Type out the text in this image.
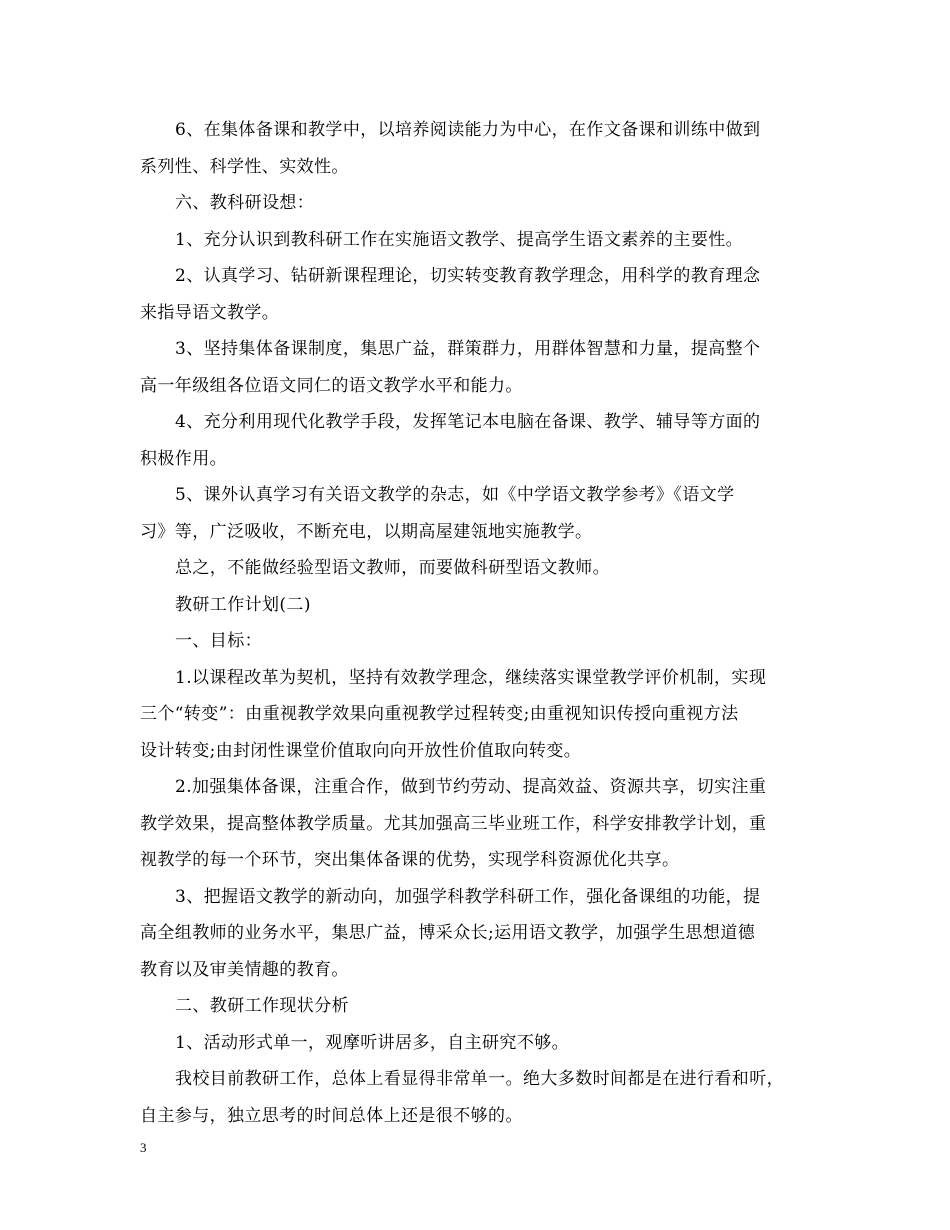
6、在集体备课和教学中，以培养阅读能力为中心，在作文备课和训练中做到
系列性、科学性、实效性。
六、教科研设想：
1、充分认识到教科研工作在实施语文教学、提高学生语文素养的主要性。
2、认真学习、钻研新课程理论，切实转变教育教学理念，用科学的教育理念
来指导语文教学。
3、坚持集体备课制度，集思广益，群策群力，用群体智慧和力量，提高整个
高一年级组各位语文同仁的语文教学水平和能力。
4、充分利用现代化教学手段，发挥笔记本电脑在备课、教学、辅导等方面的
积极作用。
5、课外认真学习有关语文教学的杂志，如《中学语文教学参考》《语文学
习》等，广泛吸收，不断充电，以期高屋建瓴地实施教学。
总之，不能做经验型语文教师，而要做科研型语文教师。
教研工作计划(二)
一、目标：
1.以课程改革为契机，坚持有效教学理念，继续落实课堂教学评价机制，实现
三个“转变”：由重视教学效果向重视教学过程转变;由重视知识传授向重视方法
设计转变;由封闭性课堂价值取向向开放性价值取向转变。
2.加强集体备课，注重合作，做到节约劳动、提高效益、资源共享，切实注重
教学效果，提高整体教学质量。尤其加强高三毕业班工作，科学安排教学计划，重
视教学的每一个环节，突出集体备课的优势，实现学科资源优化共享。
3、把握语文教学的新动向，加强学科教学科研工作，强化备课组的功能，提
高全组教师的业务水平，集思广益，博采众长;运用语文教学，加强学生思想道德
教育以及审美情趣的教育。
二、教研工作现状分析
1、活动形式单一，观摩听讲居多，自主研究不够。
我校目前教研工作，总体上看显得非常单一。绝大多数时间都是在进行看和听，
自主参与，独立思考的时间总体上还是很不够的。
3
